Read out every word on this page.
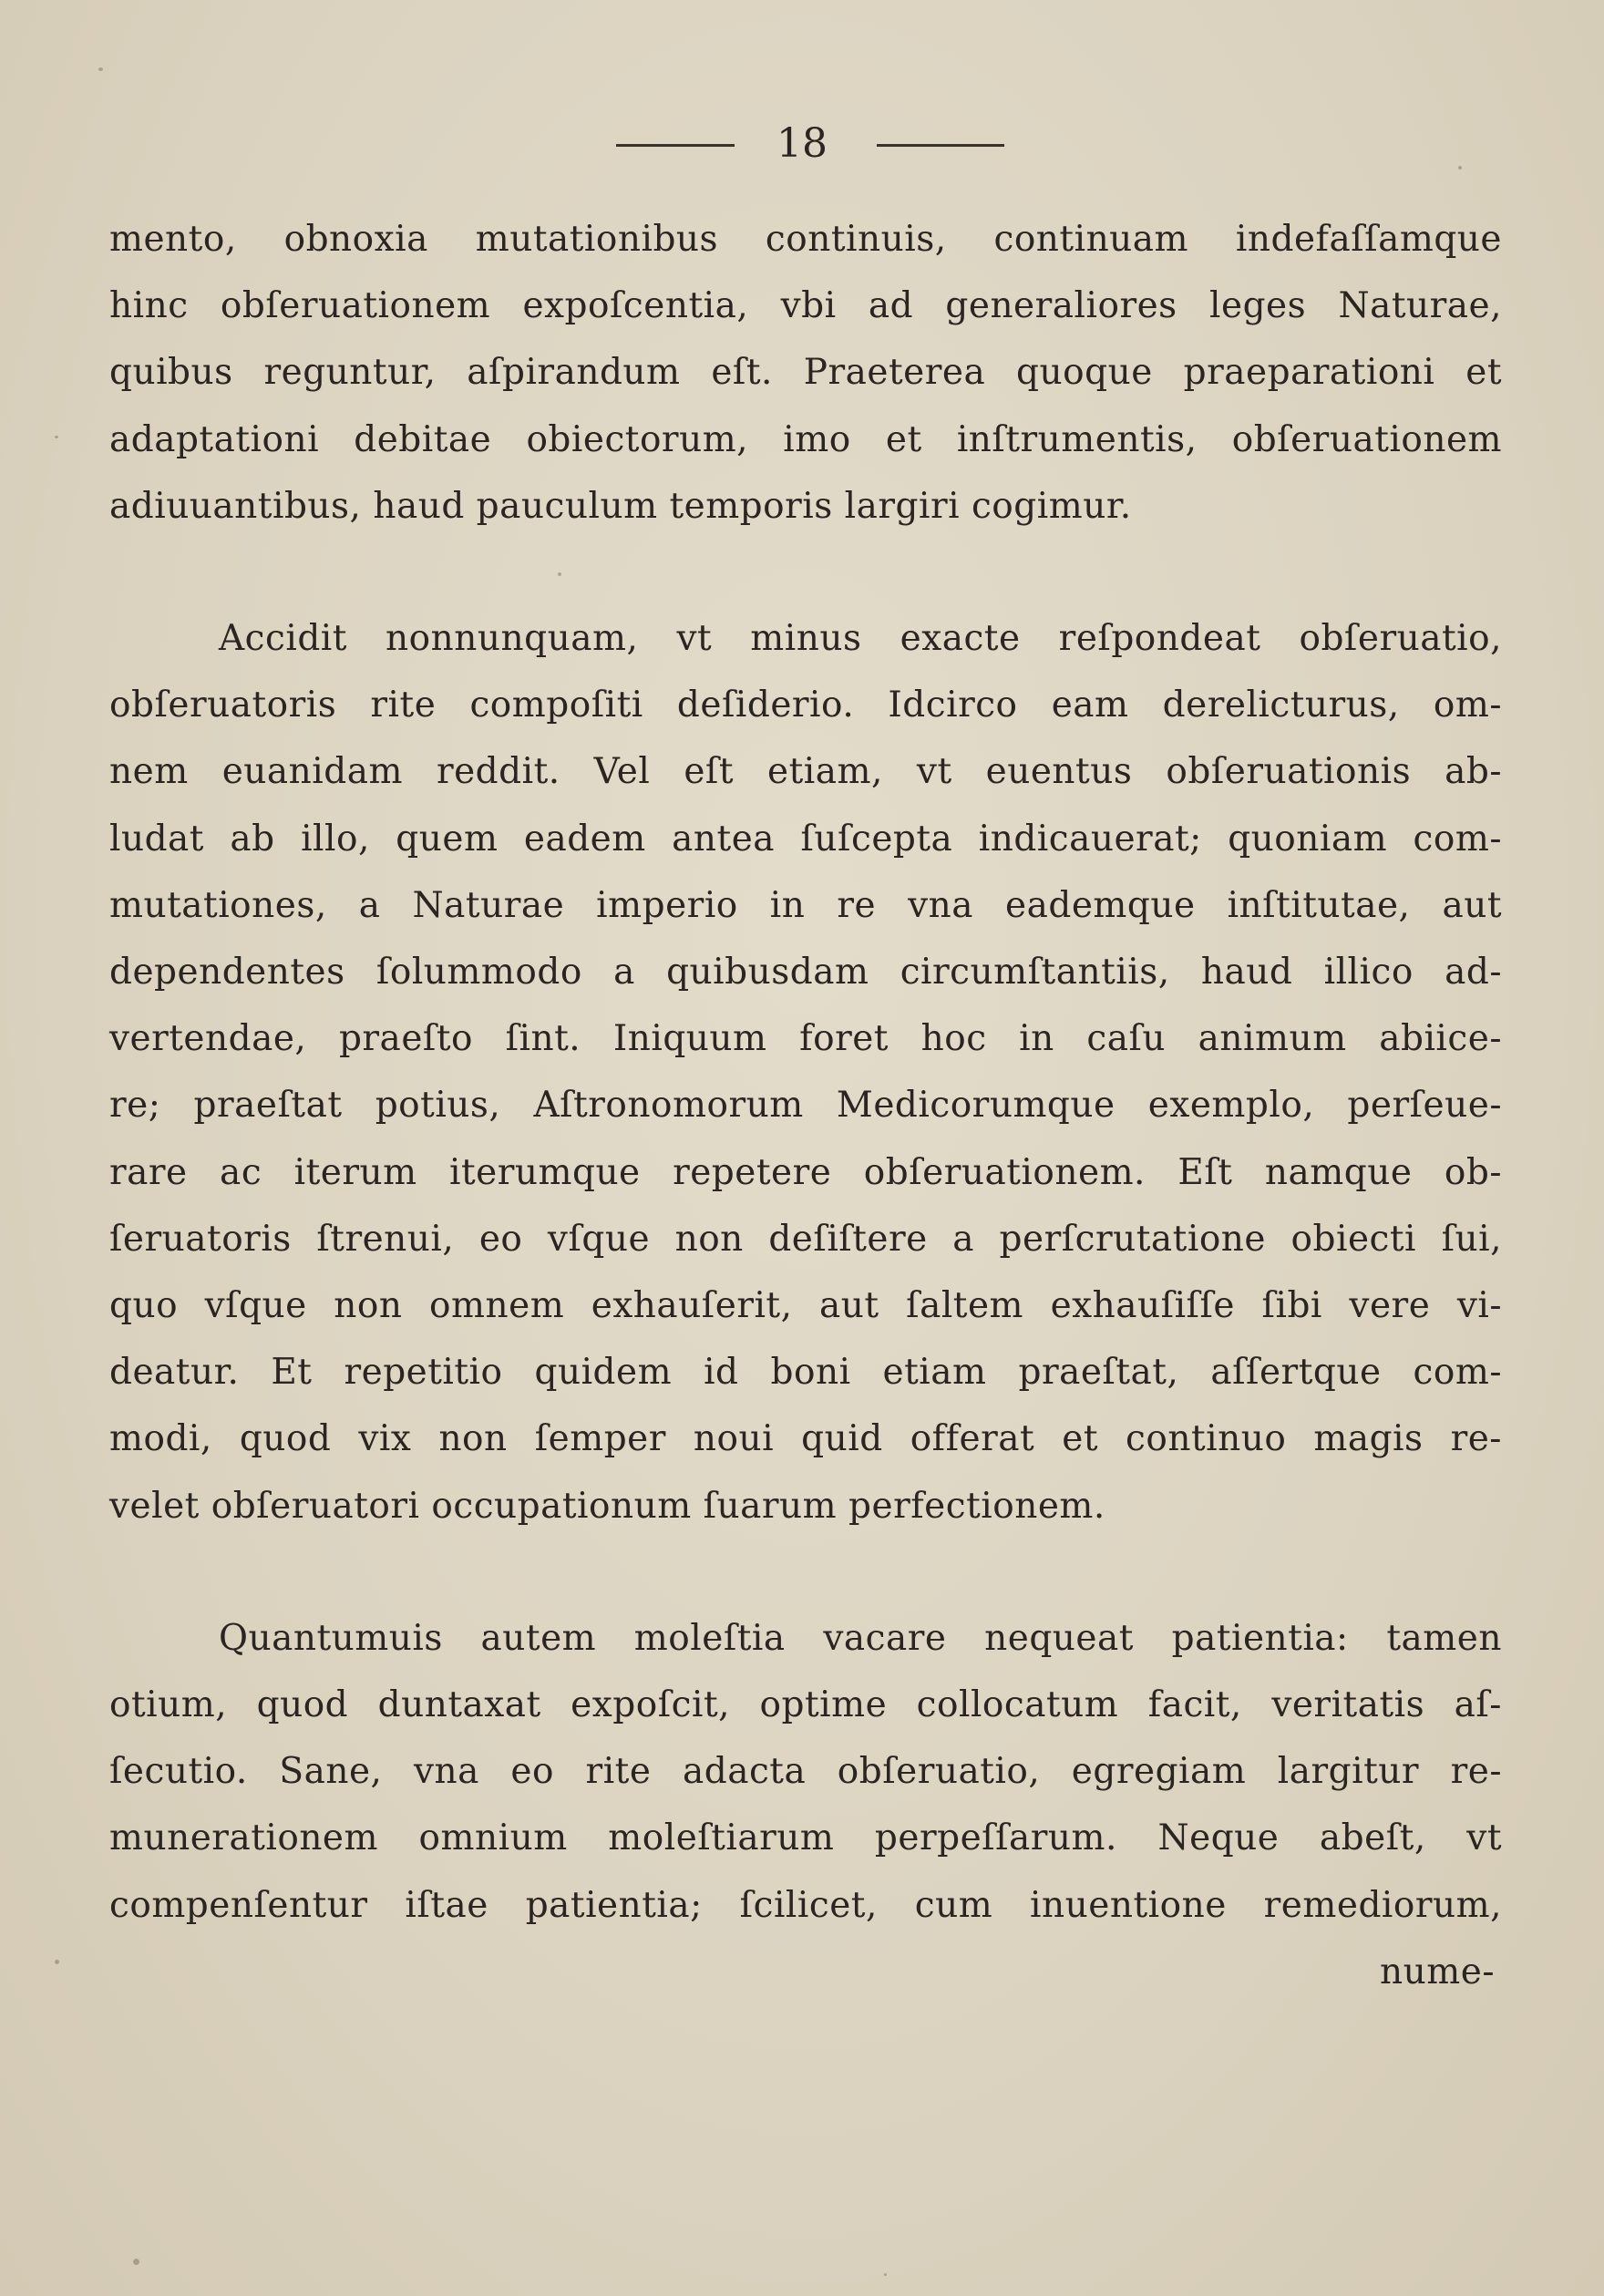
18

mento, obnoxia mutationibus continuis, continuam indefaſſamque
hinc obſeruationem expoſcentia, vbi ad generaliores leges Naturae,
quibus reguntur, aſpirandum eſt. Praeterea quoque praeparationi et
adaptationi debitae obiectorum, imo et inſtrumentis, obſeruationem
adiuuantibus, haud pauculum temporis largiri cogimur.

Accidit nonnunquam, vt minus exacte reſpondeat obſeruatio,
obſeruatoris rite compoſiti deſiderio. Idcirco eam derelicturus, om-
nem euanidam reddit. Vel eſt etiam, vt euentus obſeruationis ab-
ludat ab illo, quem eadem antea ſuſcepta indicauerat; quoniam com-
mutationes, a Naturae imperio in re vna eademque inſtitutae, aut
dependentes ſolummodo a quibusdam circumſtantiis, haud illico ad-
vertendae, praeſto ſint. Iniquum foret hoc in caſu animum abiice-
re; praeſtat potius, Aſtronomorum Medicorumque exemplo, perſeue-
rare ac iterum iterumque repetere obſeruationem. Eſt namque ob-
ſeruatoris ſtrenui, eo vſque non deſiſtere a perſcrutatione obiecti ſui,
quo vſque non omnem exhauſerit, aut ſaltem exhauſiſſe ſibi vere vi-
deatur. Et repetitio quidem id boni etiam praeſtat, aſſertque com-
modi, quod vix non ſemper noui quid offerat et continuo magis re-
velet obſeruatori occupationum ſuarum perfectionem.

Quantumuis autem moleſtia vacare nequeat patientia: tamen
otium, quod duntaxat expoſcit, optime collocatum facit, veritatis aſ-
ſecutio. Sane, vna eo rite adacta obſeruatio, egregiam largitur re-
munerationem omnium moleſtiarum perpeſſarum. Neque abeſt, vt
compenſentur iſtae patientia; ſcilicet, cum inuentione remediorum,

nume-
